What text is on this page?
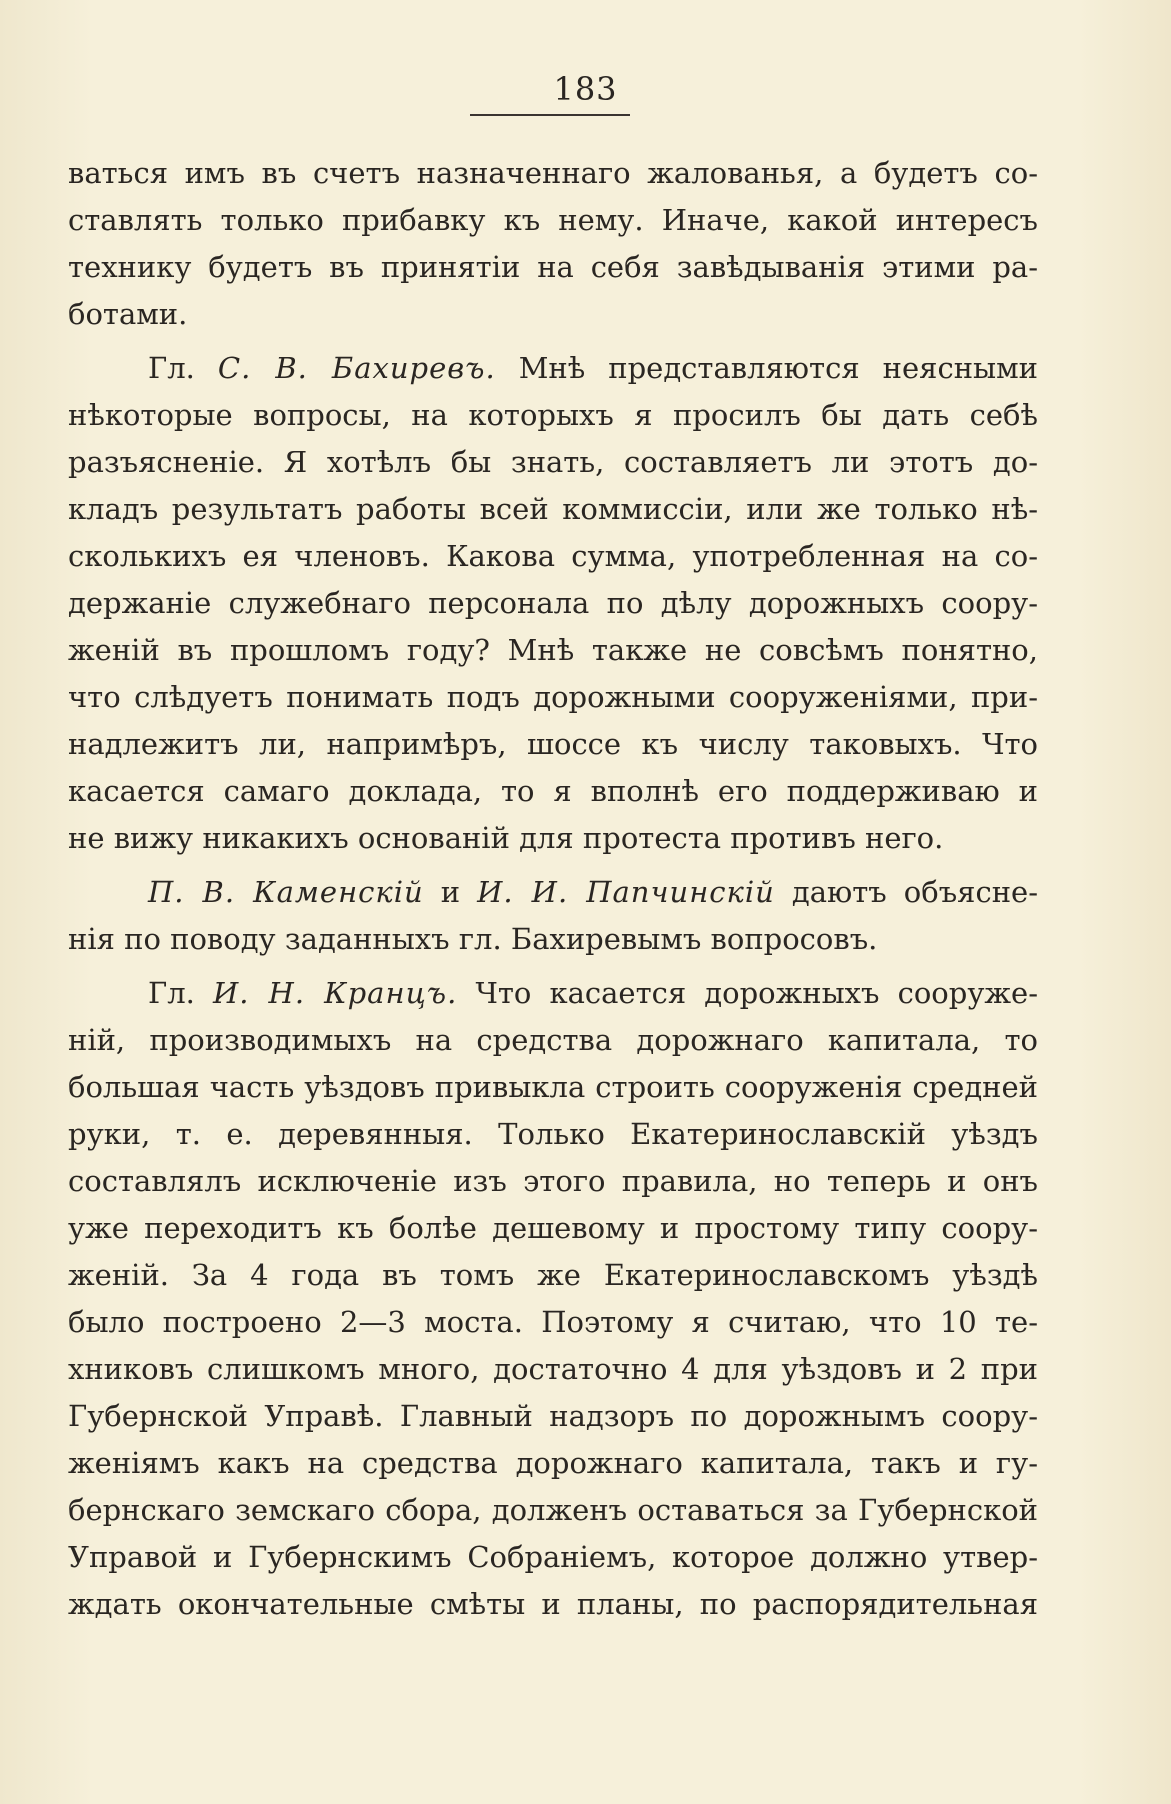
183
ваться имъ въ счетъ назначеннаго жалованья, а будетъ со-
ставлять только прибавку къ нему. Иначе, какой интересъ
технику будетъ въ принятіи на себя завѣдыванія этими ра-
ботами.
Гл. С. В. Бахиревъ. Мнѣ представляются неясными
нѣкоторые вопросы, на которыхъ я просилъ бы дать себѣ
разъясненіе. Я хотѣлъ бы знать, составляетъ ли этотъ до-
кладъ результатъ работы всей коммиссіи, или же только нѣ-
сколькихъ ея членовъ. Какова сумма, употребленная на со-
держаніе служебнаго персонала по дѣлу дорожныхъ соору-
женій въ прошломъ году? Мнѣ также не совсѣмъ понятно,
что слѣдуетъ понимать подъ дорожными сооруженіями, при-
надлежитъ ли, напримѣръ, шоссе къ числу таковыхъ. Что
касается самаго доклада, то я вполнѣ его поддерживаю и
не вижу никакихъ основаній для протеста противъ него.
П. В. Каменскій и И. И. Папчинскій даютъ объясне-
нія по поводу заданныхъ гл. Бахиревымъ вопросовъ.
Гл. И. Н. Кранцъ. Что касается дорожныхъ сооруже-
ній, производимыхъ на средства дорожнаго капитала, то
большая часть уѣздовъ привыкла строить сооруженія средней
руки, т. е. деревянныя. Только Екатеринославскій уѣздъ
составлялъ исключеніе изъ этого правила, но теперь и онъ
уже переходитъ къ болѣе дешевому и простому типу соору-
женій. За 4 года въ томъ же Екатеринославскомъ уѣздѣ
было построено 2—3 моста. Поэтому я считаю, что 10 те-
хниковъ слишкомъ много, достаточно 4 для уѣздовъ и 2 при
Губернской Управѣ. Главный надзоръ по дорожнымъ соору-
женіямъ какъ на средства дорожнаго капитала, такъ и гу-
бернскаго земскаго сбора, долженъ оставаться за Губернской
Управой и Губернскимъ Собраніемъ, которое должно утвер-
ждать окончательные смѣты и планы, по распорядительная
